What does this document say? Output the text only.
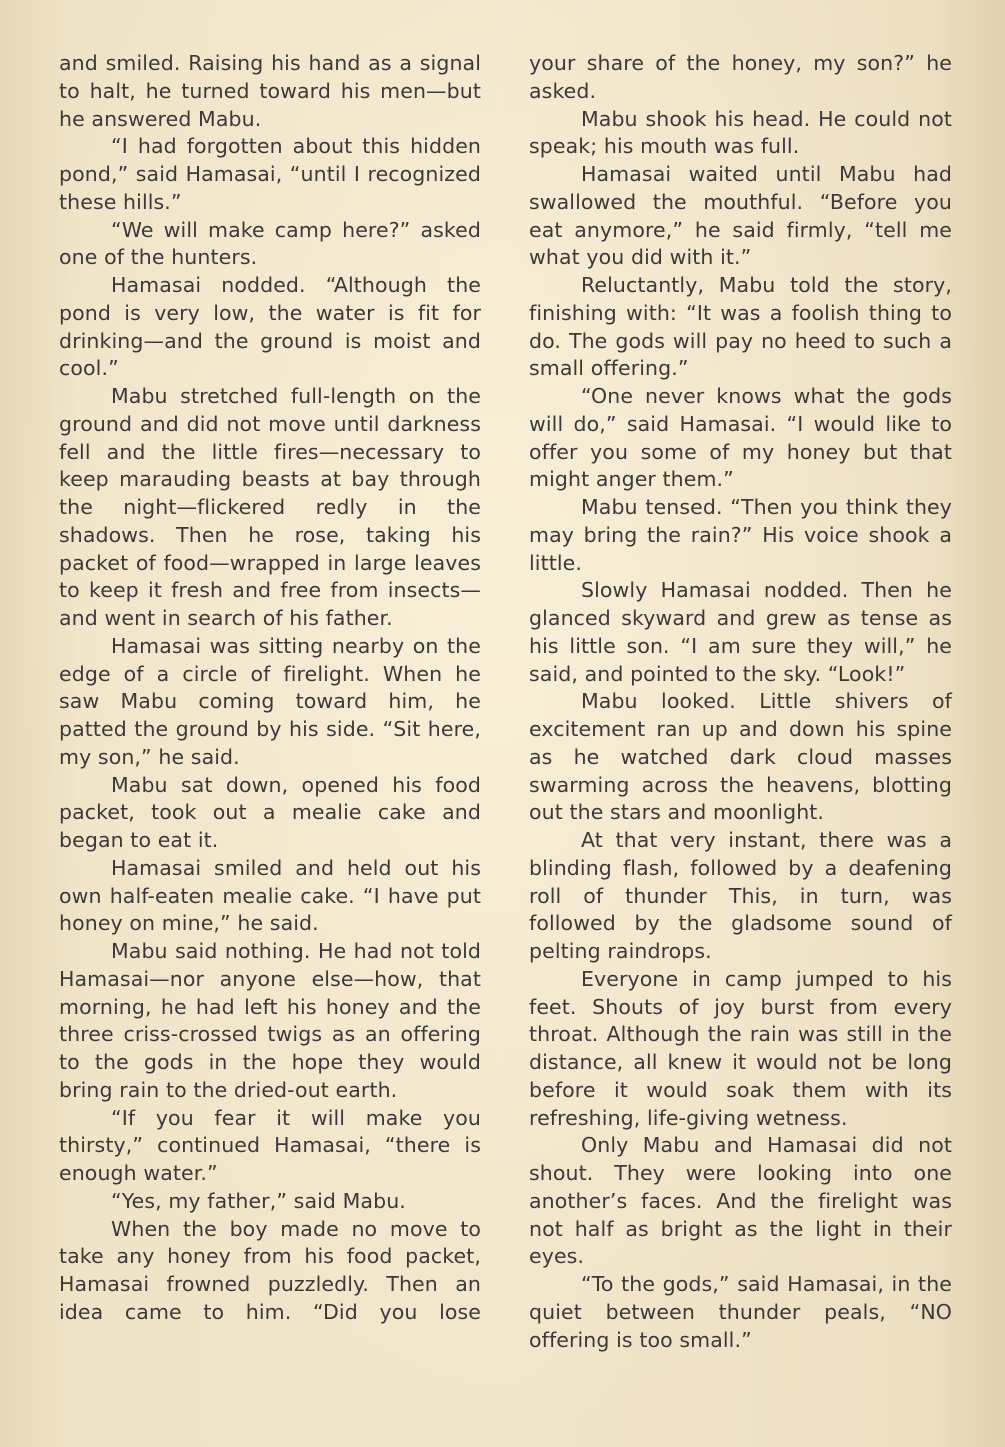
and smiled. Raising his hand as a signal to halt, he turned toward his men—but he answered Mabu.

“I had forgotten about this hidden pond,” said Hamasai, “until I recognized these hills.”

“We will make camp here?” asked one of the hunters.

Hamasai nodded. “Although the pond is very low, the water is fit for drinking—and the ground is moist and cool.”

Mabu stretched full-length on the ground and did not move until darkness fell and the little fires—necessary to keep marauding beasts at bay through the night—flickered redly in the shadows. Then he rose, taking his packet of food—wrapped in large leaves to keep it fresh and free from insects—and went in search of his father.

Hamasai was sitting nearby on the edge of a circle of firelight. When he saw Mabu coming toward him, he patted the ground by his side. “Sit here, my son,” he said.

Mabu sat down, opened his food packet, took out a mealie cake and began to eat it.

Hamasai smiled and held out his own half-eaten mealie cake. “I have put honey on mine,” he said.

Mabu said nothing. He had not told Hamasai—nor anyone else—how, that morning, he had left his honey and the three criss-crossed twigs as an offering to the gods in the hope they would bring rain to the dried-out earth.

“If you fear it will make you thirsty,” continued Hamasai, “there is enough water.”

“Yes, my father,” said Mabu.

When the boy made no move to take any honey from his food packet, Hamasai frowned puzzledly. Then an idea came to him. “Did you lose

your share of the honey, my son?” he asked.

Mabu shook his head. He could not speak; his mouth was full.

Hamasai waited until Mabu had swallowed the mouthful. “Before you eat anymore,” he said firmly, “tell me what you did with it.”

Reluctantly, Mabu told the story, finishing with: “It was a foolish thing to do. The gods will pay no heed to such a small offering.”

“One never knows what the gods will do,” said Hamasai. “I would like to offer you some of my honey but that might anger them.”

Mabu tensed. “Then you think they may bring the rain?” His voice shook a little.

Slowly Hamasai nodded. Then he glanced skyward and grew as tense as his little son. “I am sure they will,” he said, and pointed to the sky. “Look!”

Mabu looked. Little shivers of excitement ran up and down his spine as he watched dark cloud masses swarming across the heavens, blotting out the stars and moonlight.

At that very instant, there was a blinding flash, followed by a deafening roll of thunder This, in turn, was followed by the gladsome sound of pelting raindrops.

Everyone in camp jumped to his feet. Shouts of joy burst from every throat. Although the rain was still in the distance, all knew it would not be long before it would soak them with its refreshing, life-giving wetness.

Only Mabu and Hamasai did not shout. They were looking into one another’s faces. And the firelight was not half as bright as the light in their eyes.

“To the gods,” said Hamasai, in the quiet between thunder peals, “NO offering is too small.”
